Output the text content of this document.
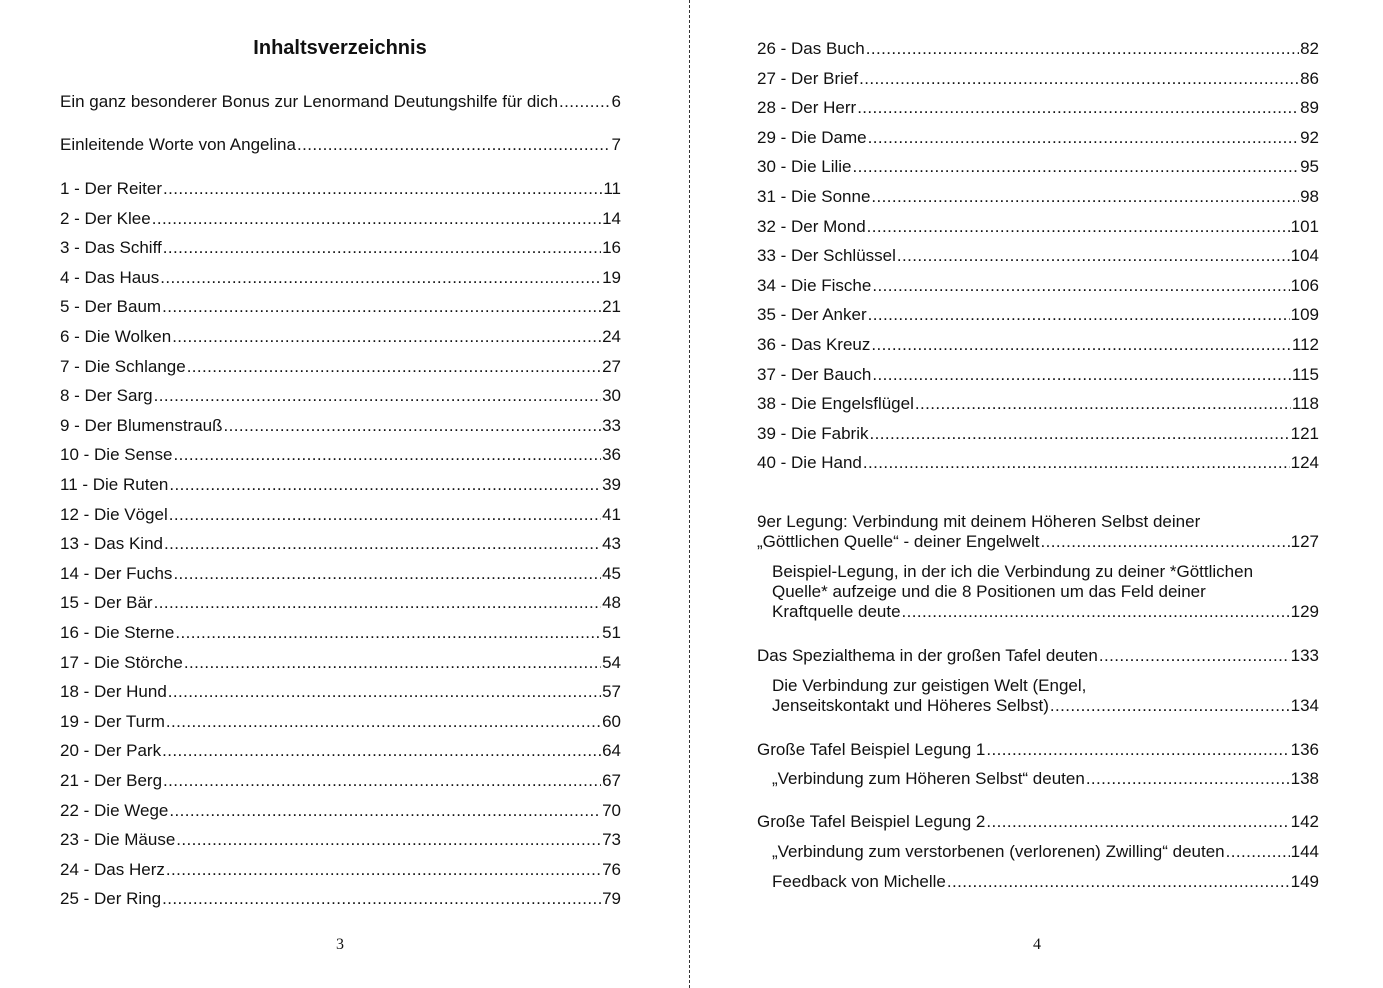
Inhaltsverzeichnis
Ein ganz besonderer Bonus zur Lenormand Deutungshilfe für dich .....	6
Einleitende Worte von Angelina .....	7
1 - Der Reiter .....	11
2 - Der Klee .....	14
3 - Das Schiff .....	16
4 - Das Haus .....	19
5 - Der Baum .....	21
6 - Die Wolken .....	24
7 - Die Schlange .....	27
8 - Der Sarg .....	30
9 - Der Blumenstrauß .....	33
10 - Die Sense .....	36
11 - Die Ruten .....	39
12 - Die Vögel .....	41
13 - Das Kind .....	43
14 - Der Fuchs .....	45
15 - Der Bär .....	48
16 - Die Sterne .....	51
17 - Die Störche .....	54
18 - Der Hund .....	57
19 - Der Turm .....	60
20 - Der Park .....	64
21 - Der Berg .....	67
22 - Die Wege .....	70
23 - Die Mäuse .....	73
24 - Das Herz .....	76
25 - Der Ring .....	79
3
26 - Das Buch .....	82
27 - Der Brief .....	86
28 - Der Herr .....	89
29 - Die Dame .....	92
30 - Die Lilie .....	95
31 - Die Sonne .....	98
32 - Der Mond .....	101
33 - Der Schlüssel .....	104
34 - Die Fische .....	106
35 - Der Anker .....	109
36 - Das Kreuz .....	112
37 - Der Bauch .....	115
38 - Die Engelsflügel .....	118
39 - Die Fabrik .....	121
40 - Die Hand .....	124
9er Legung: Verbindung mit deinem Höheren Selbst deiner
„Göttlichen Quelle“ - deiner Engelwelt .....	127
Beispiel-Legung, in der ich die Verbindung zu deiner *Göttlichen
Quelle* aufzeige und die 8 Positionen um das Feld deiner
Kraftquelle deute .....	129
Das Spezialthema in der großen Tafel deuten .....	133
Die Verbindung zur geistigen Welt (Engel,
Jenseitskontakt und Höheres Selbst) .....	134
Große Tafel Beispiel Legung 1 .....	136
„Verbindung zum Höheren Selbst“ deuten .....	138
Große Tafel Beispiel Legung 2 .....	142
„Verbindung zum verstorbenen (verlorenen) Zwilling“ deuten .....	144
Feedback von Michelle .....	149
4
